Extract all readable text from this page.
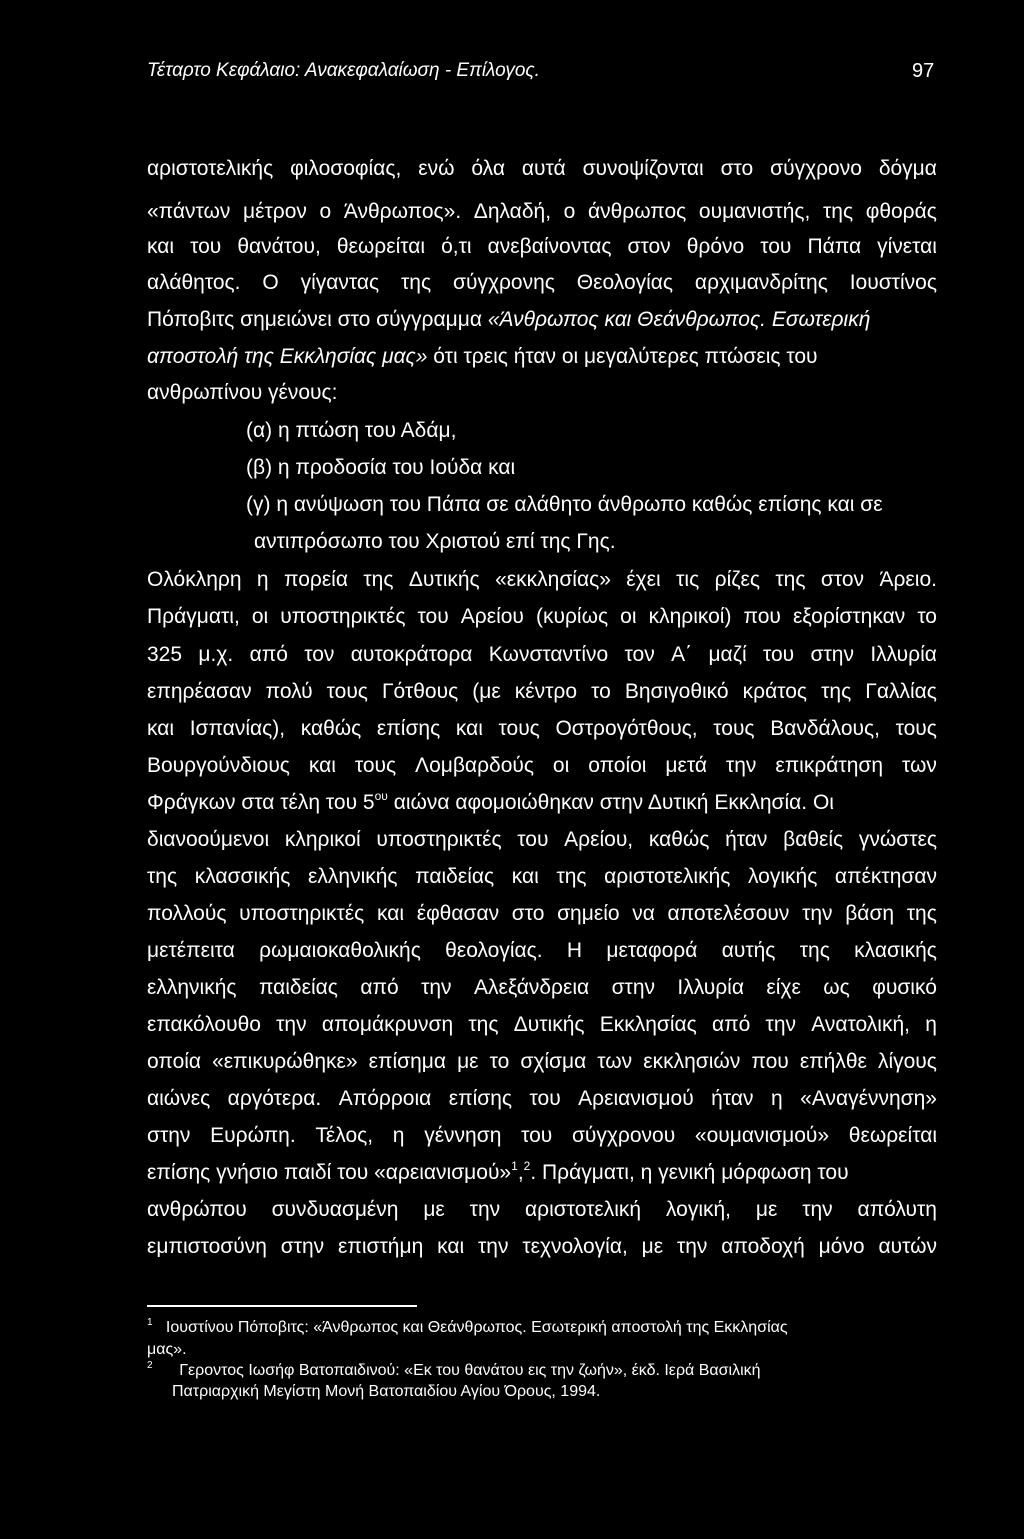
Τέταρτο Κεφάλαιο: Ανακεφαλαίωση - Επίλογος.	97
αριστοτελικής φιλοσοφίας, ενώ όλα αυτά συνοψίζονται στο σύγχρονο δόγμα
«πάντων μέτρον ο Άνθρωπος». Δηλαδή, ο άνθρωπος ουμανιστής, της φθοράς
και του θανάτου, θεωρείται ό,τι ανεβαίνοντας στον θρόνο του Πάπα γίνεται
αλάθητος. Ο γίγαντας της σύγχρονης Θεολογίας αρχιμανδρίτης Ιουστίνος
Πόποβιτς σημειώνει στο σύγγραμμα «Άνθρωπος και Θεάνθρωπος. Εσωτερική
αποστολή της Εκκλησίας μας» ότι τρεις ήταν οι μεγαλύτερες πτώσεις του
ανθρωπίνου γένους:
(α) η πτώση του Αδάμ,
(β) η προδοσία του Ιούδα και
(γ) η ανύψωση του Πάπα σε αλάθητο άνθρωπο καθώς επίσης και σε
αντιπρόσωπο του Χριστού επί της Γης.
Ολόκληρη η πορεία της Δυτικής «εκκλησίας» έχει τις ρίζες της στον Άρειο.
Πράγματι, οι υποστηρικτές του Αρείου (κυρίως οι κληρικοί) που εξορίστηκαν το
325 μ.χ. από τον αυτοκράτορα Κωνσταντίνο τον Α΄ μαζί του στην Ιλλυρία
επηρέασαν πολύ τους Γότθους (με κέντρο το Βησιγοθικό κράτος της Γαλλίας
και Ισπανίας), καθώς επίσης και τους Οστρογότθους, τους Βανδάλους, τους
Βουργούνδιους και τους Λομβαρδούς οι οποίοι μετά την επικράτηση των
Φράγκων στα τέλη του $5^{o\upsilon}$ αιώνα αφομοιώθηκαν στην Δυτική Εκκλησία. Οι
διανοούμενοι κληρικοί υποστηρικτές του Αρείου, καθώς ήταν βαθείς γνώστες
της κλασσικής ελληνικής παιδείας και της αριστοτελικής λογικής απέκτησαν
πολλούς υποστηρικτές και έφθασαν στο σημείο να αποτελέσουν την βάση της
μετέπειτα ρωμαιοκαθολικής θεολογίας. Η μεταφορά αυτής της κλασικής
ελληνικής παιδείας από την Αλεξάνδρεια στην Ιλλυρία είχε ως φυσικό
επακόλουθο την απομάκρυνση της Δυτικής Εκκλησίας από την Ανατολική, η
οποία «επικυρώθηκε» επίσημα με το σχίσμα των εκκλησιών που επήλθε λίγους
αιώνες αργότερα. Απόρροια επίσης του Αρειανισμού ήταν η «Αναγέννηση»
στην Ευρώπη. Τέλος, η γέννηση του σύγχρονου «ουμανισμού» θεωρείται
επίσης γνήσιο παιδί του «αρειανισμού»$^1$,$^2$. Πράγματι, η γενική μόρφωση του
ανθρώπου συνδυασμένη με την αριστοτελική λογική, με την απόλυτη
εμπιστοσύνη στην επιστήμη και την τεχνολογία, με την αποδοχή μόνο αυτών
$^1$ Ιουστίνου Πόποβιτς: «Άνθρωπος και Θεάνθρωπος. Εσωτερική αποστολή της Εκκλησίας
μας».
$^2$ Γεροντος Ιωσήφ Βατοπαιδινού: «Εκ του θανάτου εις την ζωήν», έκδ. Ιερά Βασιλική
Πατριαρχική Μεγίστη Μονή Βατοπαιδίου Αγίου Όρους, 1994.
